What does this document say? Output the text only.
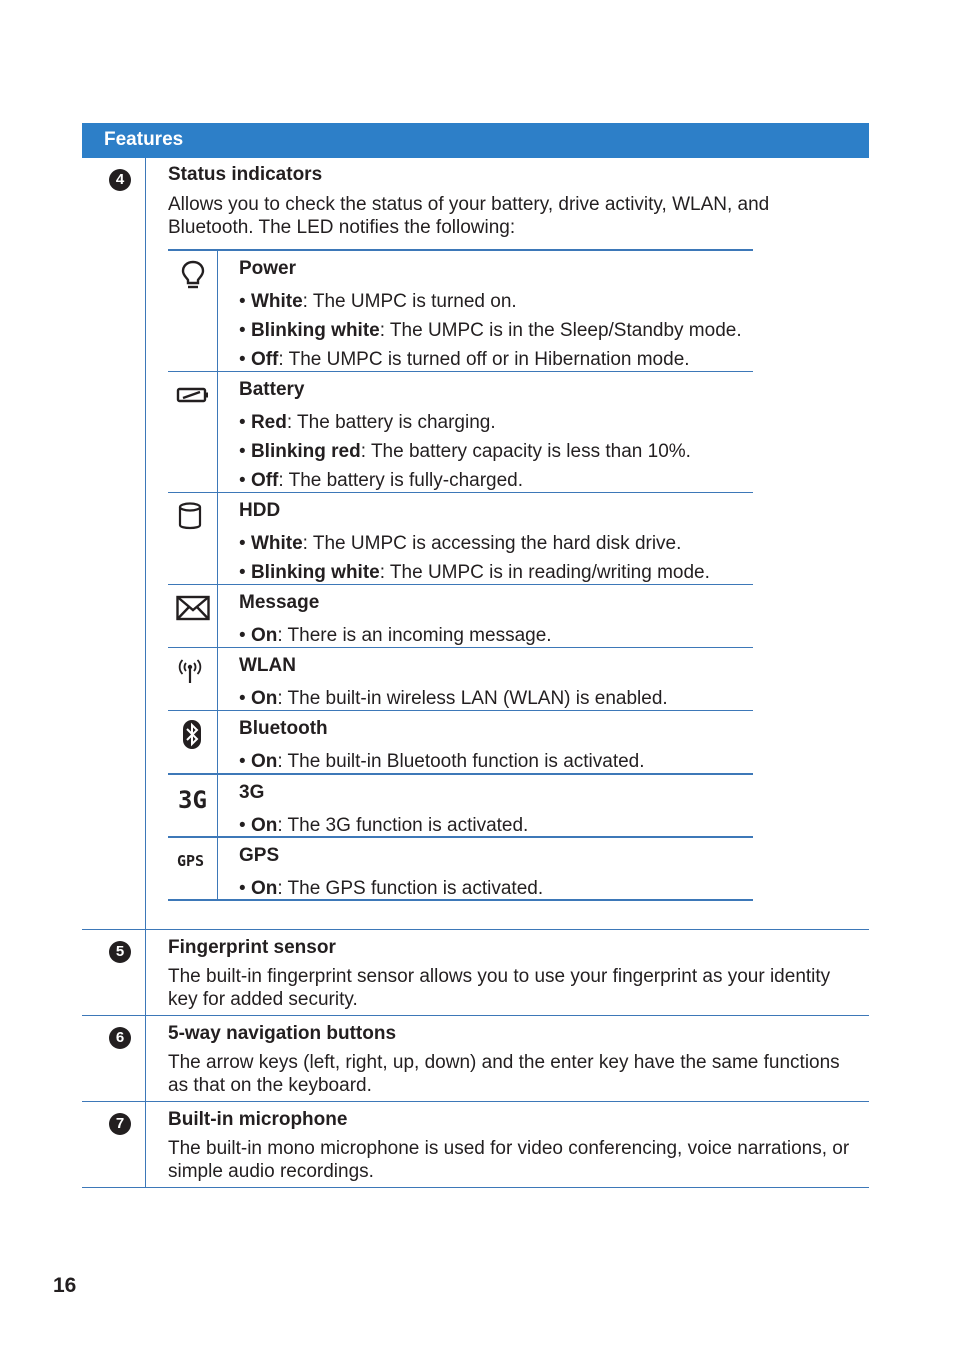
Features
4	Status indicators
Allows you to check the status of your battery, drive activity, WLAN, and Bluetooth. The LED notifies the following:
Power
• White: The UMPC is turned on.
• Blinking white: The UMPC is in the Sleep/Standby mode.
• Off: The UMPC is turned off or in Hibernation mode.
Battery
• Red: The battery is charging.
• Blinking red: The battery capacity is less than 10%.
• Off: The battery is fully-charged.
HDD
• White: The UMPC is accessing the hard disk drive.
• Blinking white: The UMPC is in reading/writing mode.
Message
• On: There is an incoming message.
WLAN
• On: The built-in wireless LAN (WLAN) is enabled.
Bluetooth
• On: The built-in Bluetooth function is activated.
3G 3G
• On: The 3G function is activated.
GPS GPS
• On: The GPS function is activated.
5	Fingerprint sensor
The built-in fingerprint sensor allows you to use your fingerprint as your identity key for added security.
6	5-way navigation buttons
The arrow keys (left, right, up, down) and the enter key have the same functions as that on the keyboard.
7	Built-in microphone
The built-in mono microphone is used for video conferencing, voice narrations, or simple audio recordings.
16
